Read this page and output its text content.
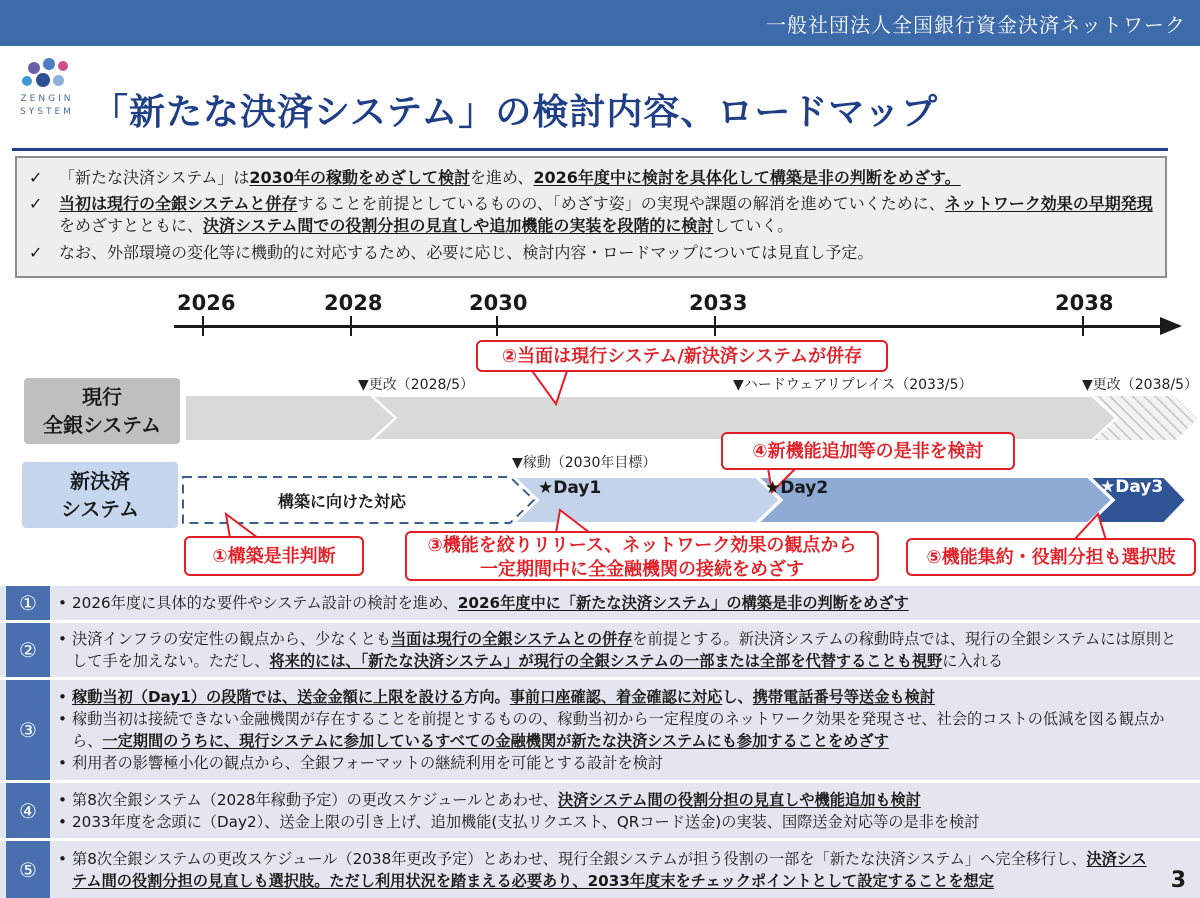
一般社団法人全国銀行資金決済ネットワーク
ZENGIN
SYSTEM 「新たな決済システム」の検討内容、ロードマップ
✓ 「新たな決済システム」は2030年の稼動をめざして検討を進め、2026年度中に検討を具体化して構築是非の判断をめざす。
✓ 当初は現行の全銀システムと併存することを前提としているものの、「めざす姿」の実現や課題の解消を進めていくために、ネットワーク効果の早期発現をめざすとともに、決済システム間での役割分担の見直しや追加機能の実装を段階的に検討していく。
✓ なお、外部環境の変化等に機動的に対応するため、必要に応じ、検討内容・ロードマップについては見直し予定。
2026	2028	2030	2033	2038
現行
全銀システム
新決済
システム
▼更改（2028/5）	▼ハードウェアリプレイス（2033/5）	▼更改（2038/5）
▼稼動（2030年目標）
構築に向けた対応
★Day1	★Day2	★Day3
②当面は現行システム/新決済システムが併存
④新機能追加等の是非を検討
①構築是非判断
③機能を絞りリリース、ネットワーク効果の観点から
一定期間中に全金融機関の接続をめざす
⑤機能集約・役割分担も選択肢
①	• 2026年度に具体的な要件やシステム設計の検討を進め、2026年度中に「新たな決済システム」の構築是非の判断をめざす
②	• 決済インフラの安定性の観点から、少なくとも当面は現行の全銀システムとの併存を前提とする。新決済システムの稼動時点では、現行の全銀システムには原則として手を加えない。ただし、将来的には、「新たな決済システム」が現行の全銀システムの一部または全部を代替することも視野に入れる
③
• 稼動当初（Day1）の段階では、送金金額に上限を設ける方向。事前口座確認、着金確認に対応し、携帯電話番号等送金も検討
• 稼動当初は接続できない金融機関が存在することを前提とするものの、稼動当初から一定程度のネットワーク効果を発現させ、社会的コストの低減を図る観点から、一定期間のうちに、現行システムに参加しているすべての金融機関が新たな決済システムにも参加することをめざす
• 利用者の影響極小化の観点から、全銀フォーマットの継続利用を可能とする設計を検討
④	• 第8次全銀システム（2028年稼動予定）の更改スケジュールとあわせ、決済システム間の役割分担の見直しや機能追加も検討
• 2033年度を念頭に（Day2）、送金上限の引き上げ、追加機能(支払リクエスト、QRコード送金)の実装、国際送金対応等の是非を検討
⑤	• 第8次全銀システムの更改スケジュール（2038年更改予定）とあわせ、現行全銀システムが担う役割の一部を「新たな決済システム」へ完全移行し、決済システム間の役割分担の見直しも選択肢。ただし利用状況を踏まえる必要あり、2033年度末をチェックポイントとして設定することを想定	3
